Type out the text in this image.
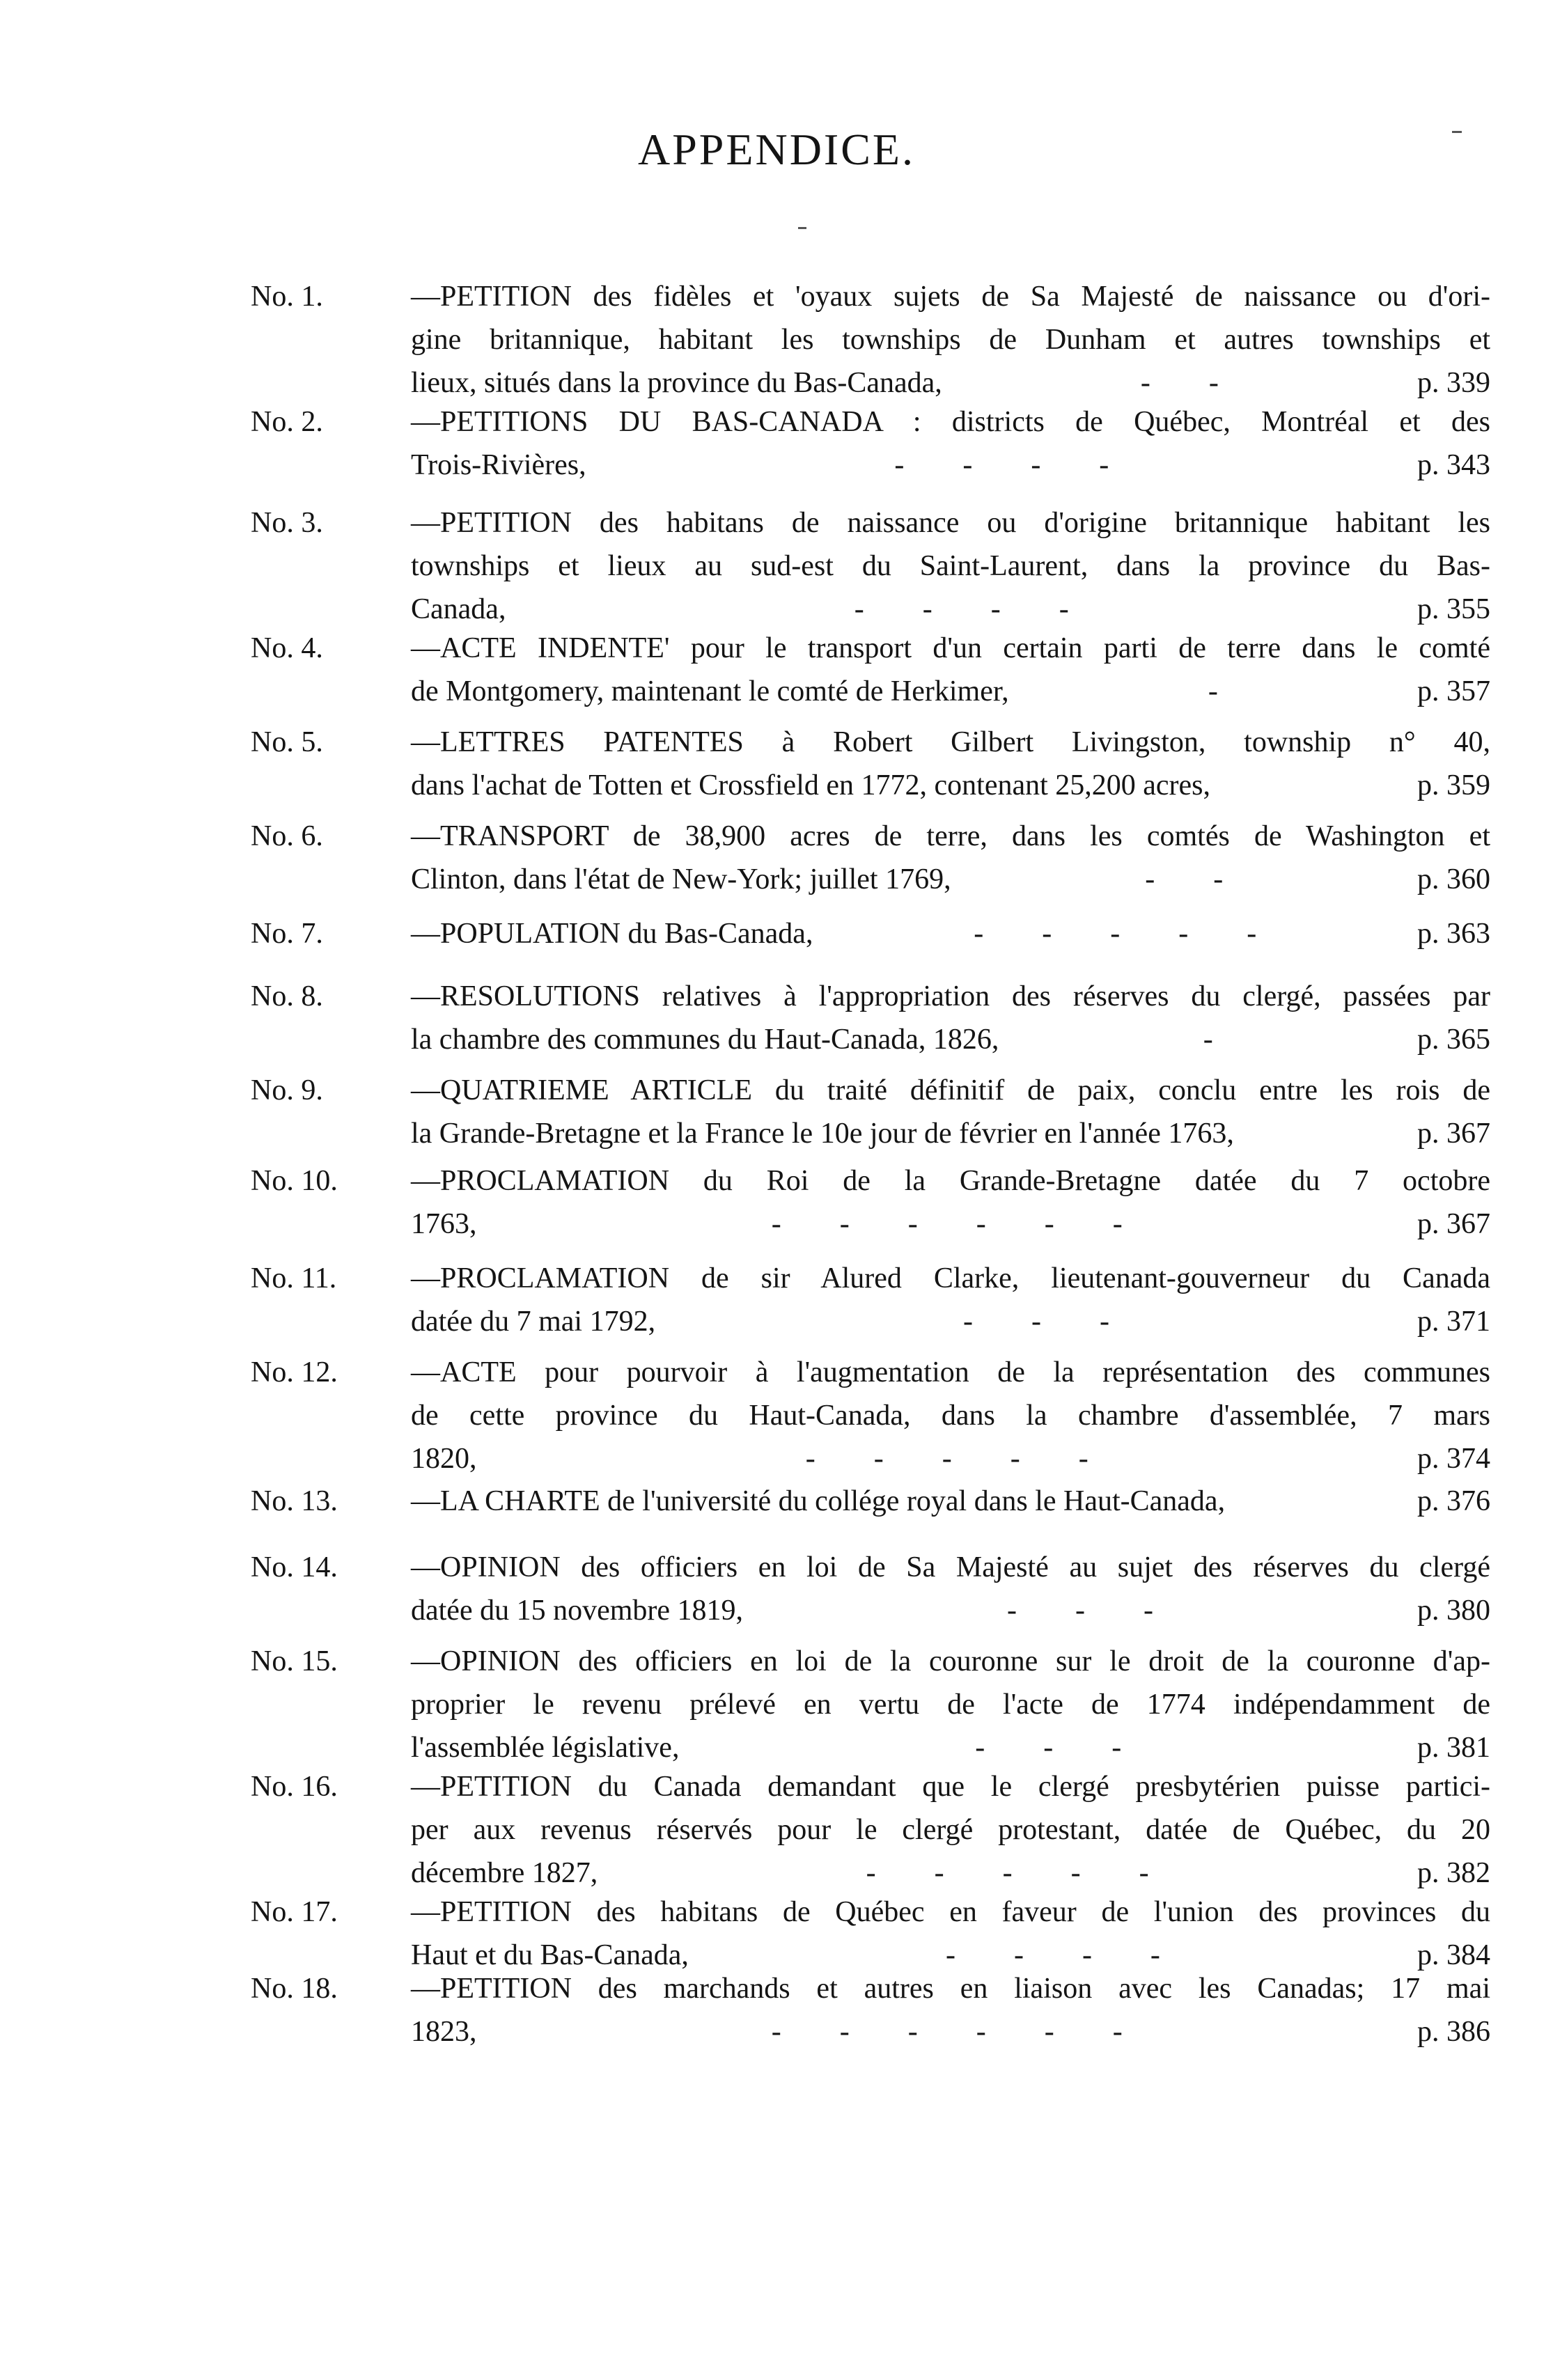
APPENDICE.
No. 1.	—PETITION des fidèles et 'oyaux sujets de Sa Majesté de naissance ou d'ori-
gine britannique, habitant les townships de Dunham et autres townships et
lieux, situés dans la province du Bas-Canada,	-        -	p. 339
No. 2.	—PETITIONS DU BAS-CANADA : districts de Québec, Montréal et des
Trois-Rivières,	-        -        -        -	p. 343
No. 3.	—PETITION des habitans de naissance ou d'origine britannique habitant les
townships et lieux au sud-est du Saint-Laurent, dans la province du Bas-
Canada,	-        -        -        -	p. 355
No. 4.	—ACTE INDENTE' pour le transport d'un certain parti de terre dans le comté
de Montgomery, maintenant le comté de Herkimer,	-	p. 357
No. 5.	—LETTRES PATENTES à Robert Gilbert Livingston, township n° 40,
dans l'achat de Totten et Crossfield en 1772, contenant 25,200 acres,	p. 359
No. 6.	—TRANSPORT de 38,900 acres de terre, dans les comtés de Washington et
Clinton, dans l'état de New-York; juillet 1769,	-        -	p. 360
No. 7.	—POPULATION du Bas-Canada,	-        -        -        -        -	p. 363
No. 8.	—RESOLUTIONS relatives à l'appropriation des réserves du clergé, passées par
la chambre des communes du Haut-Canada, 1826,	-	p. 365
No. 9.	—QUATRIEME ARTICLE du traité définitif de paix, conclu entre les rois de
la Grande-Bretagne et la France le 10e jour de février en l'année 1763,	p. 367
No. 10.	—PROCLAMATION du Roi de la Grande-Bretagne datée du 7 octobre
1763,	-        -        -        -        -        -	p. 367
No. 11.	—PROCLAMATION de sir Alured Clarke, lieutenant-gouverneur du Canada
datée du 7 mai 1792,	-        -        -	p. 371
No. 12.	—ACTE pour pourvoir à l'augmentation de la représentation des communes
de cette province du Haut-Canada, dans la chambre d'assemblée, 7 mars
1820,	-        -        -        -        -	p. 374
No. 13.	—LA CHARTE de l'université du collége royal dans le Haut-Canada,	p. 376
No. 14.	—OPINION des officiers en loi de Sa Majesté au sujet des réserves du clergé
datée du 15 novembre 1819,	-        -        -	p. 380
No. 15.	—OPINION des officiers en loi de la couronne sur le droit de la couronne d'ap-
proprier le revenu prélevé en vertu de l'acte de 1774 indépendamment de
l'assemblée législative,	-        -        -	p. 381
No. 16.	—PETITION du Canada demandant que le clergé presbytérien puisse partici-
per aux revenus réservés pour le clergé protestant, datée de Québec, du 20
décembre 1827,	-        -        -        -        -	p. 382
No. 17.	—PETITION des habitans de Québec en faveur de l'union des provinces du
Haut et du Bas-Canada,	-        -        -        -	p. 384
No. 18.	—PETITION des marchands et autres en liaison avec les Canadas; 17 mai
1823,	-        -        -        -        -        -	p. 386
